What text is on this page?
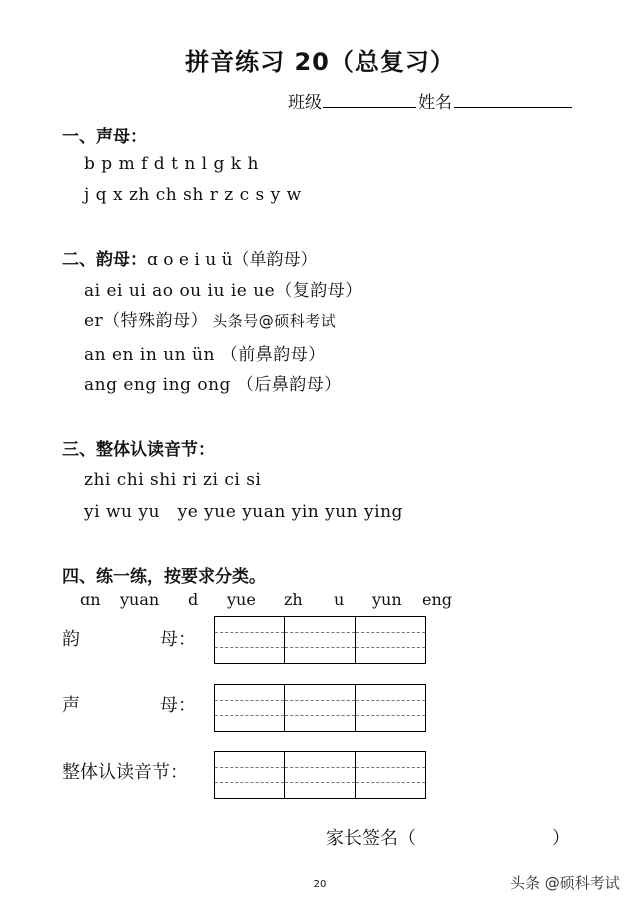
拼音练习 20（总复习）
班级	姓名
一、声母：
b p m f d t n l g k h
j q x zh ch sh r z c s y w
二、韵母：ɑ o e i u ü（单韵母）
ai ei ui ao ou iu ie ue（复韵母）
er（特殊韵母） 头条号@硕科考试
an en in un ün （前鼻韵母）
ang eng ing ong （后鼻韵母）
三、整体认读音节：
zhi chi shi ri zi ci si
yi wu yu   ye yue yuan yin yun ying
四、练一练，按要求分类。
ɑn yuan d yue zh u yun eng
韵	母：
声	母：
整体认读音节：
家长签名（	）
20	头条 @硕科考试
